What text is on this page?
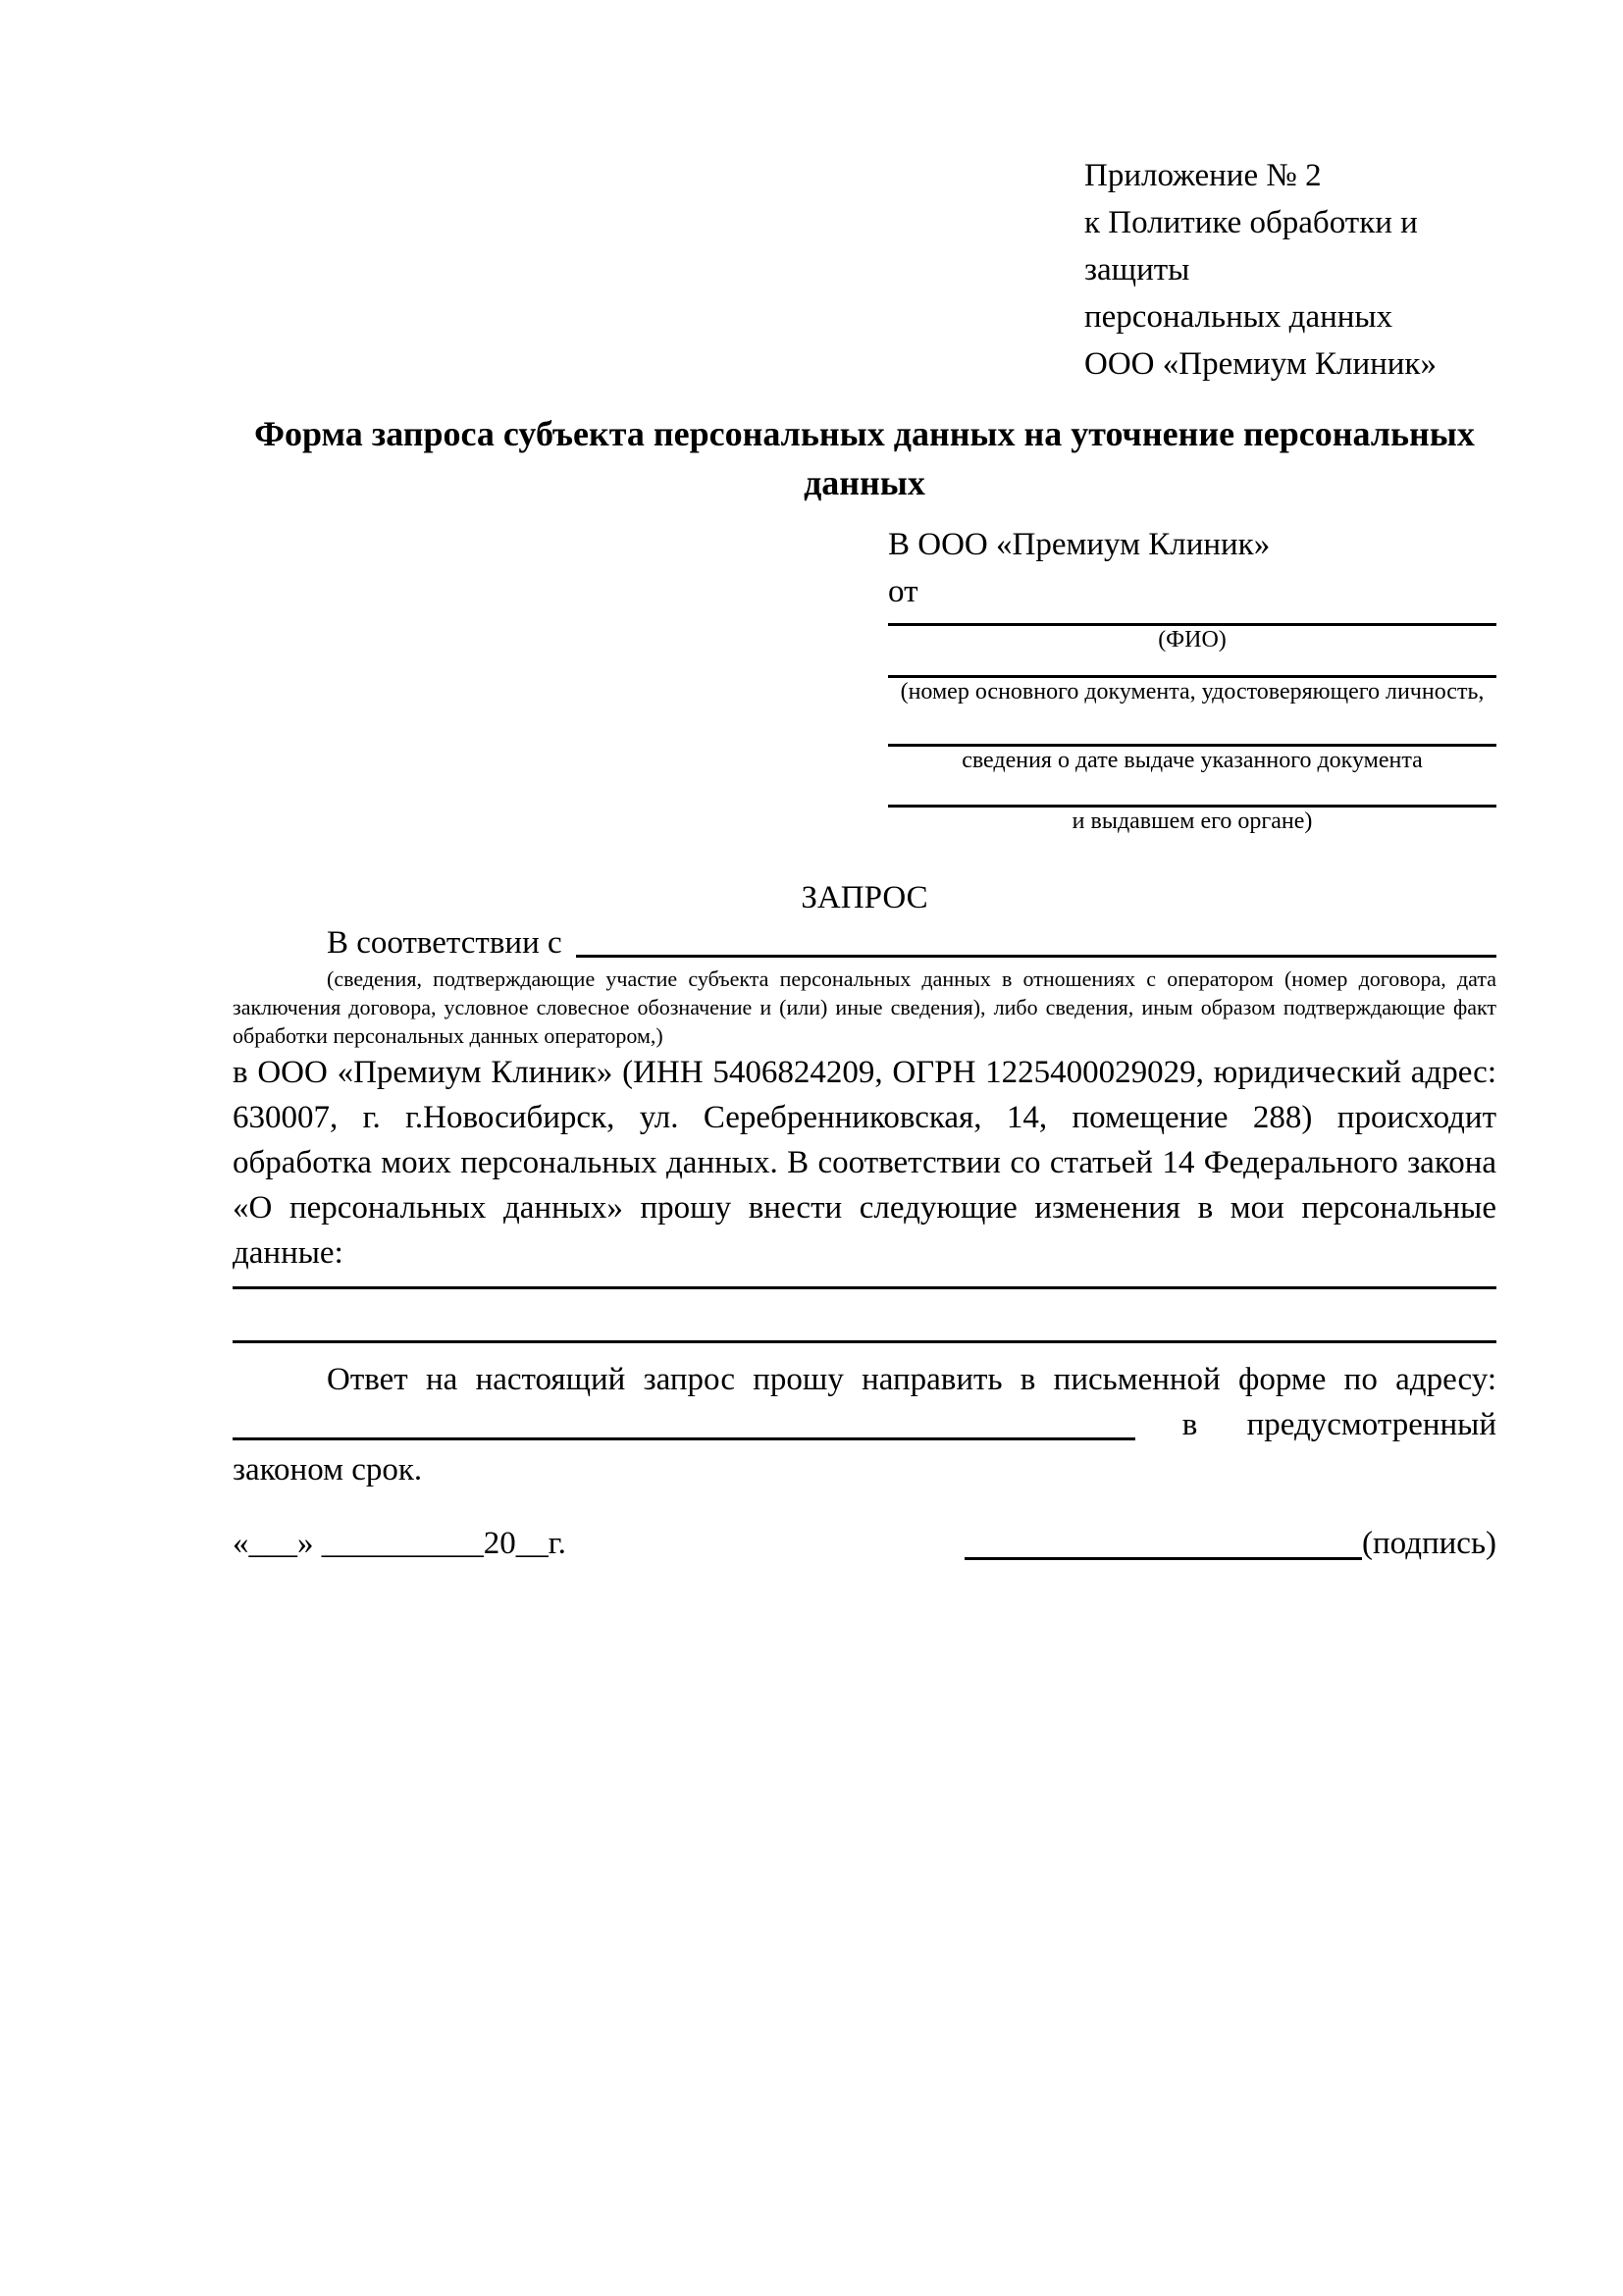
Приложение № 2
к Политике обработки и защиты
персональных данных
ООО «Премиум Клиник»
Форма запроса субъекта персональных данных на уточнение персональных данных
В ООО «Премиум Клиник»
от
(ФИО)
(номер основного документа, удостоверяющего личность,
сведения о дате выдаче указанного документа
и выдавшем его органе)
ЗАПРОС
В соответствии с
(сведения, подтверждающие участие субъекта персональных данных в отношениях с оператором (номер договора, дата заключения договора, условное словесное обозначение и (или) иные сведения), либо сведения, иным образом подтверждающие факт обработки персональных данных оператором,)
в ООО «Премиум Клиник» (ИНН 5406824209, ОГРН 1225400029029, юридический адрес: 630007, г. г.Новосибирск, ул. Серебренниковская, 14, помещение 288) происходит обработка моих персональных данных. В соответствии со статьей 14 Федерального закона «О персональных данных» прошу внести следующие изменения в мои персональные данные:
Ответ на настоящий запрос прошу направить в письменной форме по адресу:
в предусмотренный
законом срок.
«___» __________20__г.	(подпись)
